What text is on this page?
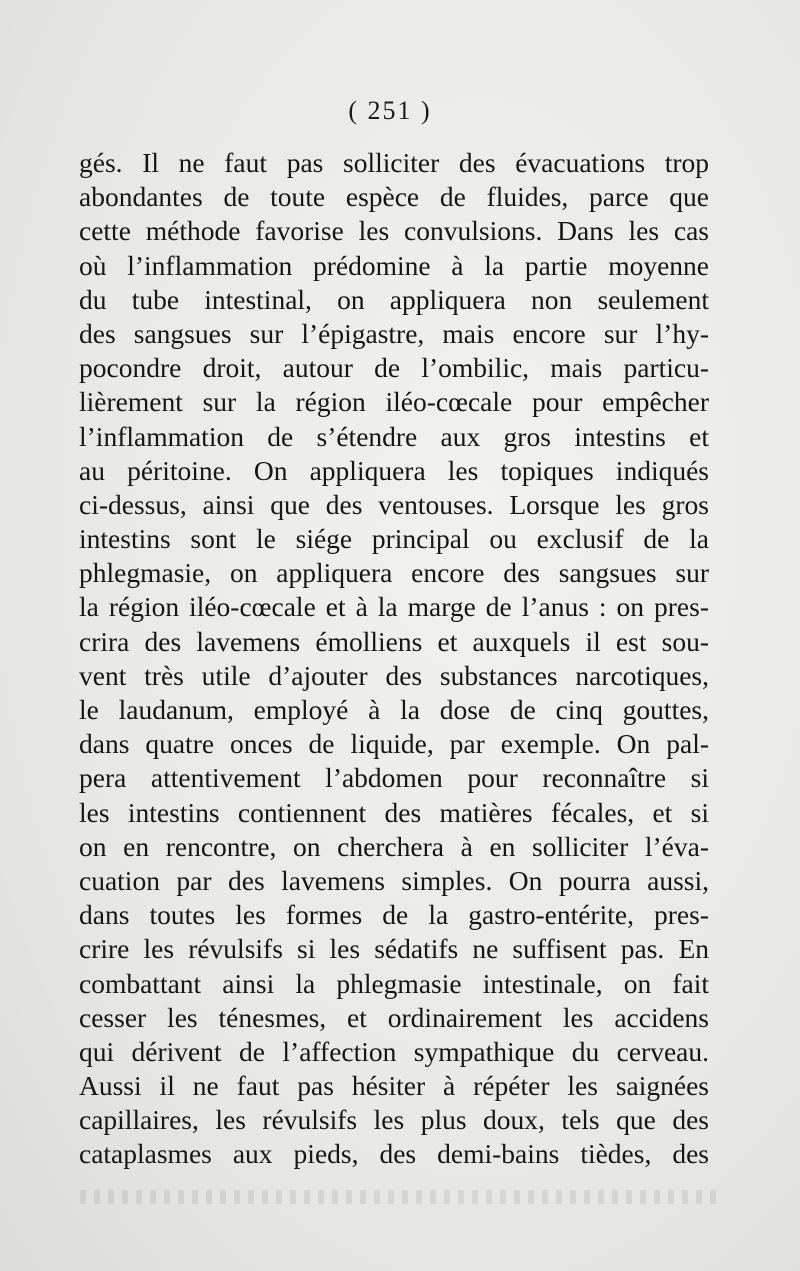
( 251 )
gés. Il ne faut pas solliciter des évacuations trop
abondantes de toute espèce de fluides, parce que
cette méthode favorise les convulsions. Dans les cas
où l’inflammation prédomine à la partie moyenne
du tube intestinal, on appliquera non seulement
des sangsues sur l’épigastre, mais encore sur l’hy-
pocondre droit, autour de l’ombilic, mais particu-
lièrement sur la région iléo-cœcale pour empêcher
l’inflammation de s’étendre aux gros intestins et
au péritoine. On appliquera les topiques indiqués
ci-dessus, ainsi que des ventouses. Lorsque les gros
intestins sont le siége principal ou exclusif de la
phlegmasie, on appliquera encore des sangsues sur
la région iléo-cœcale et à la marge de l’anus : on pres-
crira des lavemens émolliens et auxquels il est sou-
vent très utile d’ajouter des substances narcotiques,
le laudanum, employé à la dose de cinq gouttes,
dans quatre onces de liquide, par exemple. On pal-
pera attentivement l’abdomen pour reconnaître si
les intestins contiennent des matières fécales, et si
on en rencontre, on cherchera à en solliciter l’éva-
cuation par des lavemens simples. On pourra aussi,
dans toutes les formes de la gastro-entérite, pres-
crire les révulsifs si les sédatifs ne suffisent pas. En
combattant ainsi la phlegmasie intestinale, on fait
cesser les ténesmes, et ordinairement les accidens
qui dérivent de l’affection sympathique du cerveau.
Aussi il ne faut pas hésiter à répéter les saignées
capillaires, les révulsifs les plus doux, tels que des
cataplasmes aux pieds, des demi-bains tièdes, des
